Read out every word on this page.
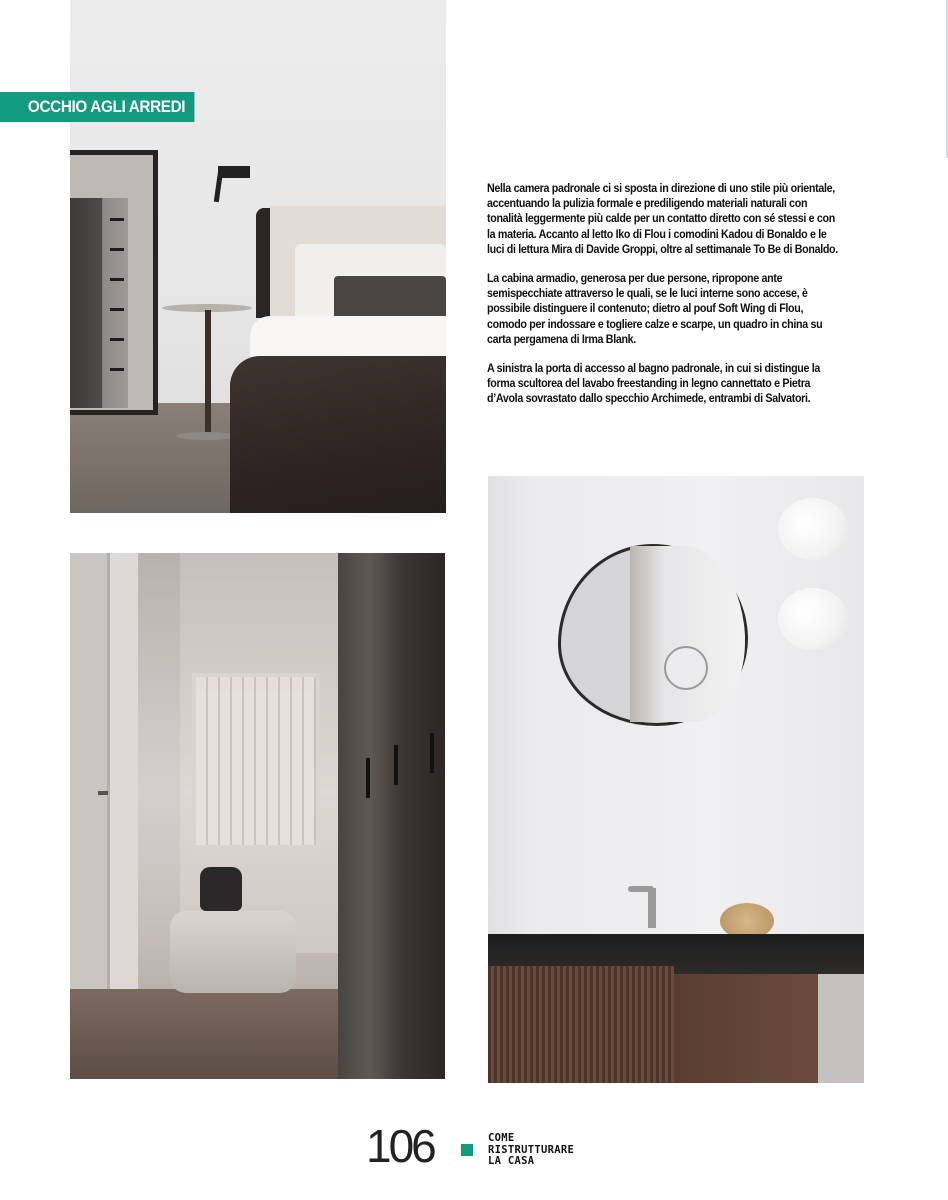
OCCHIO AGLI ARREDI

Nella camera padronale ci si sposta in direzione di uno stile più orientale, accentuando la pulizia formale e prediligendo materiali naturali con tonalità leggermente più calde per un contatto diretto con sé stessi e con la materia. Accanto al letto Iko di Flou i comodini Kadou di Bonaldo e le luci di lettura Mira di Davide Groppi, oltre al settimanale To Be di Bonaldo.

La cabina armadio, generosa per due persone, ripropone ante semispecchiate attraverso le quali, se le luci interne sono accese, è possibile distinguere il contenuto; dietro al pouf Soft Wing di Flou, comodo per indossare e togliere calze e scarpe, un quadro in china su carta pergamena di Irma Blank.

A sinistra la porta di accesso al bagno padronale, in cui si distingue la forma scultorea del lavabo freestanding in legno cannettato e Pietra d’Avola sovrastato dallo specchio Archimede, entrambi di Salvatori.

106	COME
RISTRUTTURARE
LA CASA
